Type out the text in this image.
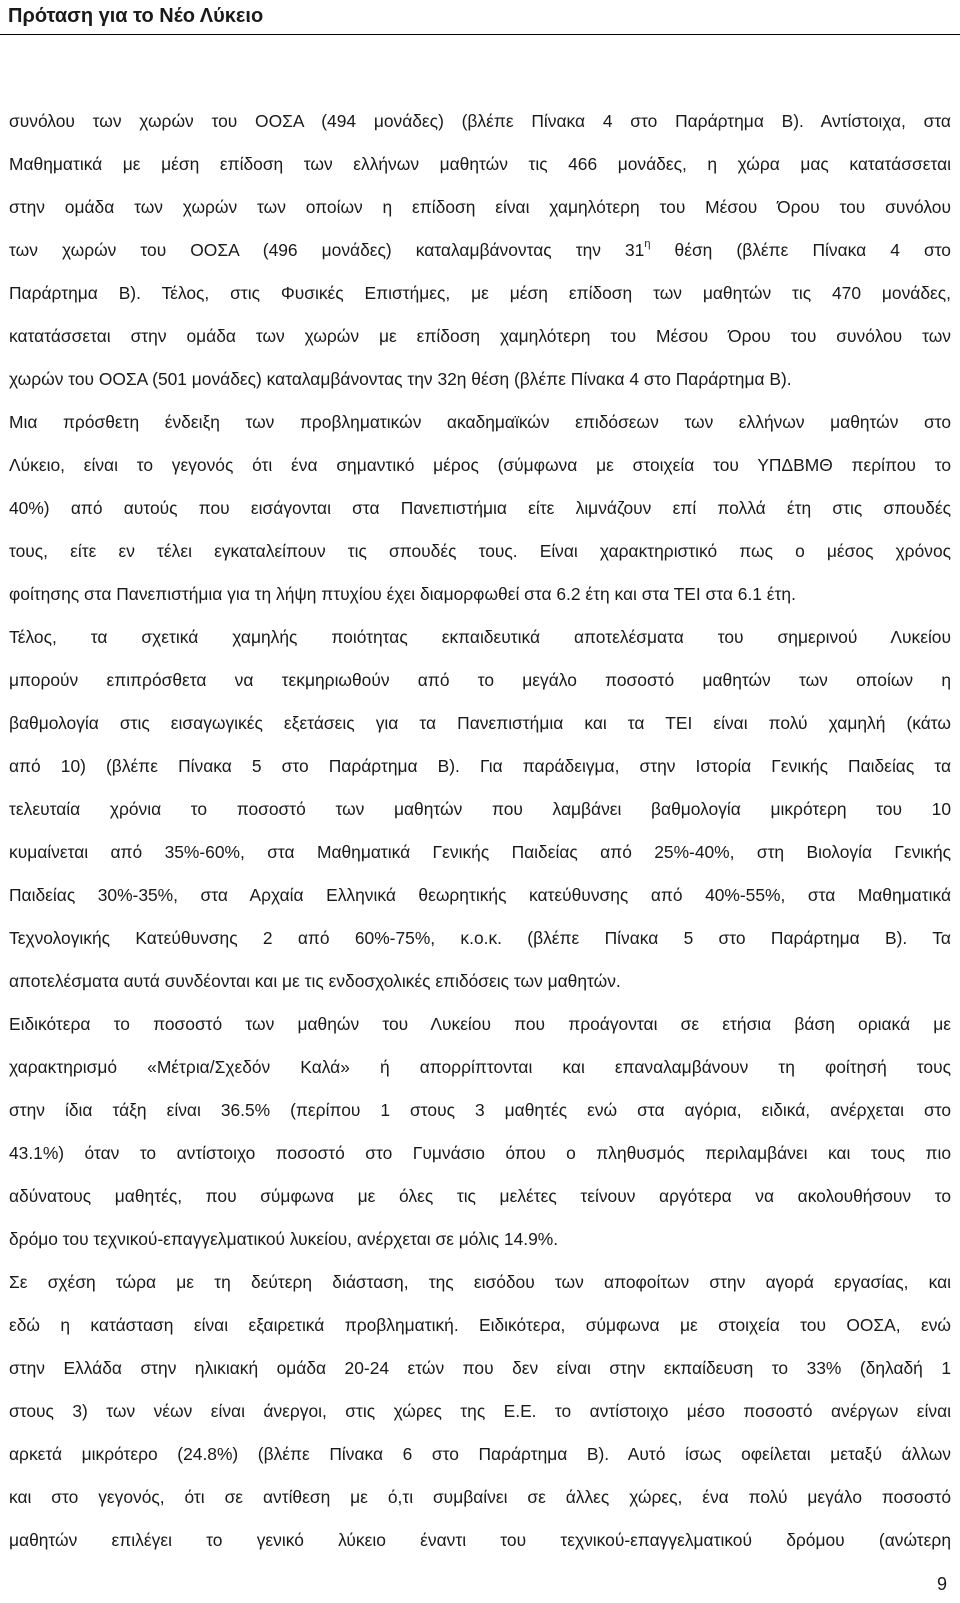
Πρόταση για το Νέο Λύκειο
συνόλου των χωρών του ΟΟΣΑ (494 μονάδες) (βλέπε Πίνακα 4 στο Παράρτημα Β). Αντίστοιχα, στα
Μαθηματικά με μέση επίδοση των ελλήνων μαθητών τις 466 μονάδες, η χώρα μας κατατάσσεται
στην ομάδα των χωρών των οποίων η επίδοση είναι χαμηλότερη του Μέσου Όρου του συνόλου
των χωρών του ΟΟΣΑ (496 μονάδες) καταλαμβάνοντας την $31^\eta$ θέση (βλέπε Πίνακα 4 στο
Παράρτημα Β). Τέλος, στις Φυσικές Επιστήμες, με μέση επίδοση των μαθητών τις 470 μονάδες,
κατατάσσεται στην ομάδα των χωρών με επίδοση χαμηλότερη του Μέσου Όρου του συνόλου των
χωρών του ΟΟΣΑ (501 μονάδες) καταλαμβάνοντας την 32η θέση (βλέπε Πίνακα 4 στο Παράρτημα Β).
Μια πρόσθετη ένδειξη των προβληματικών ακαδημαϊκών επιδόσεων των ελλήνων μαθητών στο
Λύκειο, είναι το γεγονός ότι ένα σημαντικό μέρος (σύμφωνα με στοιχεία του ΥΠΔΒΜΘ περίπου το
40%) από αυτούς που εισάγονται στα Πανεπιστήμια είτε λιμνάζουν επί πολλά έτη στις σπουδές
τους, είτε εν τέλει εγκαταλείπουν τις σπουδές τους. Είναι χαρακτηριστικό πως ο μέσος χρόνος
φοίτησης στα Πανεπιστήμια για τη λήψη πτυχίου έχει διαμορφωθεί στα 6.2 έτη και στα ΤΕΙ στα 6.1 έτη.
Τέλος, τα σχετικά χαμηλής ποιότητας εκπαιδευτικά αποτελέσματα του σημερινού Λυκείου
μπορούν επιπρόσθετα να τεκμηριωθούν από το μεγάλο ποσοστό μαθητών των οποίων η
βαθμολογία στις εισαγωγικές εξετάσεις για τα Πανεπιστήμια και τα ΤΕΙ είναι πολύ χαμηλή (κάτω
από 10) (βλέπε Πίνακα 5 στο Παράρτημα Β). Για παράδειγμα, στην Ιστορία Γενικής Παιδείας τα
τελευταία χρόνια το ποσοστό των μαθητών που λαμβάνει βαθμολογία μικρότερη του 10
κυμαίνεται από 35%-60%, στα Μαθηματικά Γενικής Παιδείας από 25%-40%, στη Βιολογία Γενικής
Παιδείας 30%-35%, στα Αρχαία Ελληνικά θεωρητικής κατεύθυνσης από 40%-55%, στα Μαθηματικά
Τεχνολογικής Κατεύθυνσης 2 από 60%-75%, κ.ο.κ. (βλέπε Πίνακα 5 στο Παράρτημα Β). Τα
αποτελέσματα αυτά συνδέονται και με τις ενδοσχολικές επιδόσεις των μαθητών.
Ειδικότερα το ποσοστό των μαθηών του Λυκείου που προάγονται σε ετήσια βάση οριακά με
χαρακτηρισμό «Μέτρια/Σχεδόν Καλά» ή απορρίπτονται και επαναλαμβάνουν τη φοίτησή τους
στην ίδια τάξη είναι 36.5% (περίπου 1 στους 3 μαθητές ενώ στα αγόρια, ειδικά, ανέρχεται στο
43.1%) όταν το αντίστοιχο ποσοστό στο Γυμνάσιο όπου ο πληθυσμός περιλαμβάνει και τους πιο
αδύνατους μαθητές, που σύμφωνα με όλες τις μελέτες τείνουν αργότερα να ακολουθήσουν το
δρόμο του τεχνικού-επαγγελματικού λυκείου, ανέρχεται σε μόλις 14.9%.
Σε σχέση τώρα με τη δεύτερη διάσταση, της εισόδου των αποφοίτων στην αγορά εργασίας, και
εδώ η κατάσταση είναι εξαιρετικά προβληματική. Ειδικότερα, σύμφωνα με στοιχεία του ΟΟΣΑ, ενώ
στην Ελλάδα στην ηλικιακή ομάδα 20-24 ετών που δεν είναι στην εκπαίδευση το 33% (δηλαδή 1
στους 3) των νέων είναι άνεργοι, στις χώρες της Ε.Ε. το αντίστοιχο μέσο ποσοστό ανέργων είναι
αρκετά μικρότερο (24.8%) (βλέπε Πίνακα 6 στο Παράρτημα Β). Αυτό ίσως οφείλεται μεταξύ άλλων
και στο γεγονός, ότι σε αντίθεση με ό,τι συμβαίνει σε άλλες χώρες, ένα πολύ μεγάλο ποσοστό
μαθητών επιλέγει το γενικό λύκειο έναντι του τεχνικού-επαγγελματικού δρόμου (ανώτερη
9
